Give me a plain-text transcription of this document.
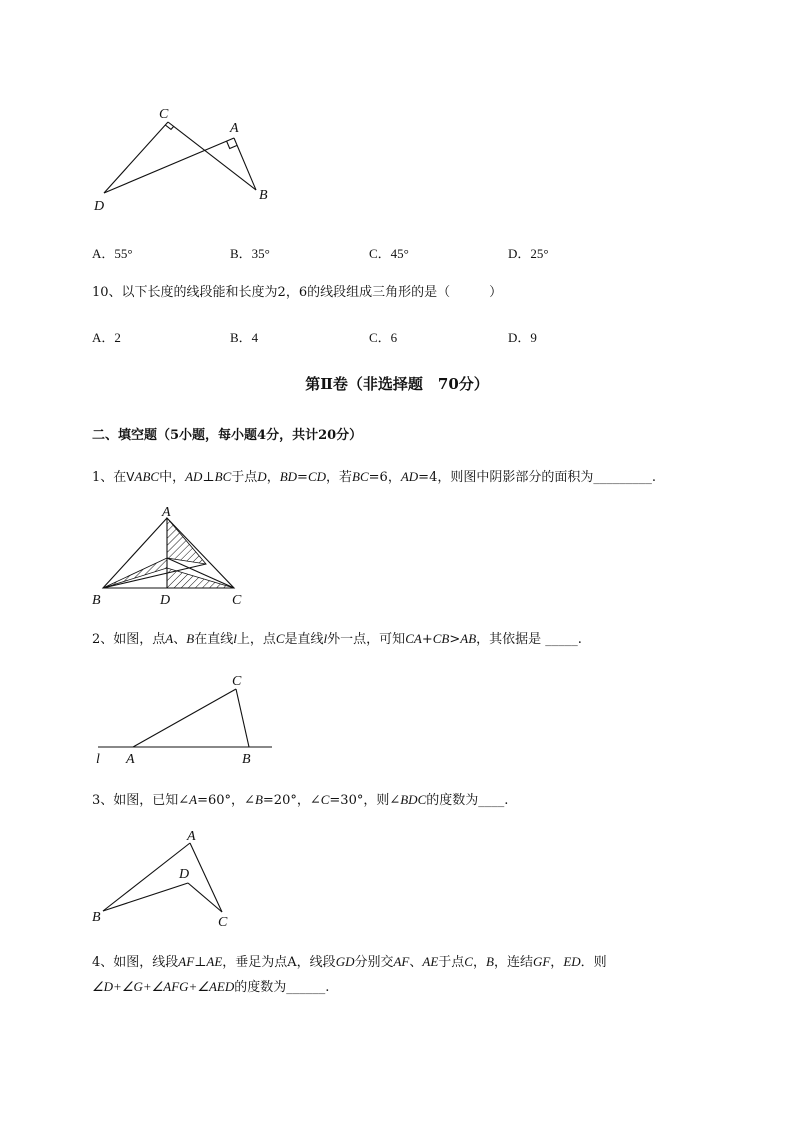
C
A
D
B
A．55°	B．35°	C．45°	D．25°
10、以下长度的线段能和长度为2，6的线段组成三角形的是（　　　）
A．2	B．4	C．6	D．9
第Ⅱ卷（非选择题　70分）
二、填空题（5小题，每小题4分，共计20分）
1、在VABC中，AD⊥BC于点D，BD=CD，若BC=6，AD=4，则图中阴影部分的面积为_________.
A
B	D	C
2、如图，点A、B在直线l上，点C是直线l外一点，可知CA+CB>AB，其依据是 _____.
C
l A	B
3、如图，已知∠A=60°，∠B=20°，∠C=30°，则∠BDC的度数为____.
A
D
B	C
4、如图，线段AF⊥AE，垂足为点A，线段GD分别交AF、AE于点C，B，连结GF，ED．则
∠D+∠G+∠AFG+∠AED的度数为______.
